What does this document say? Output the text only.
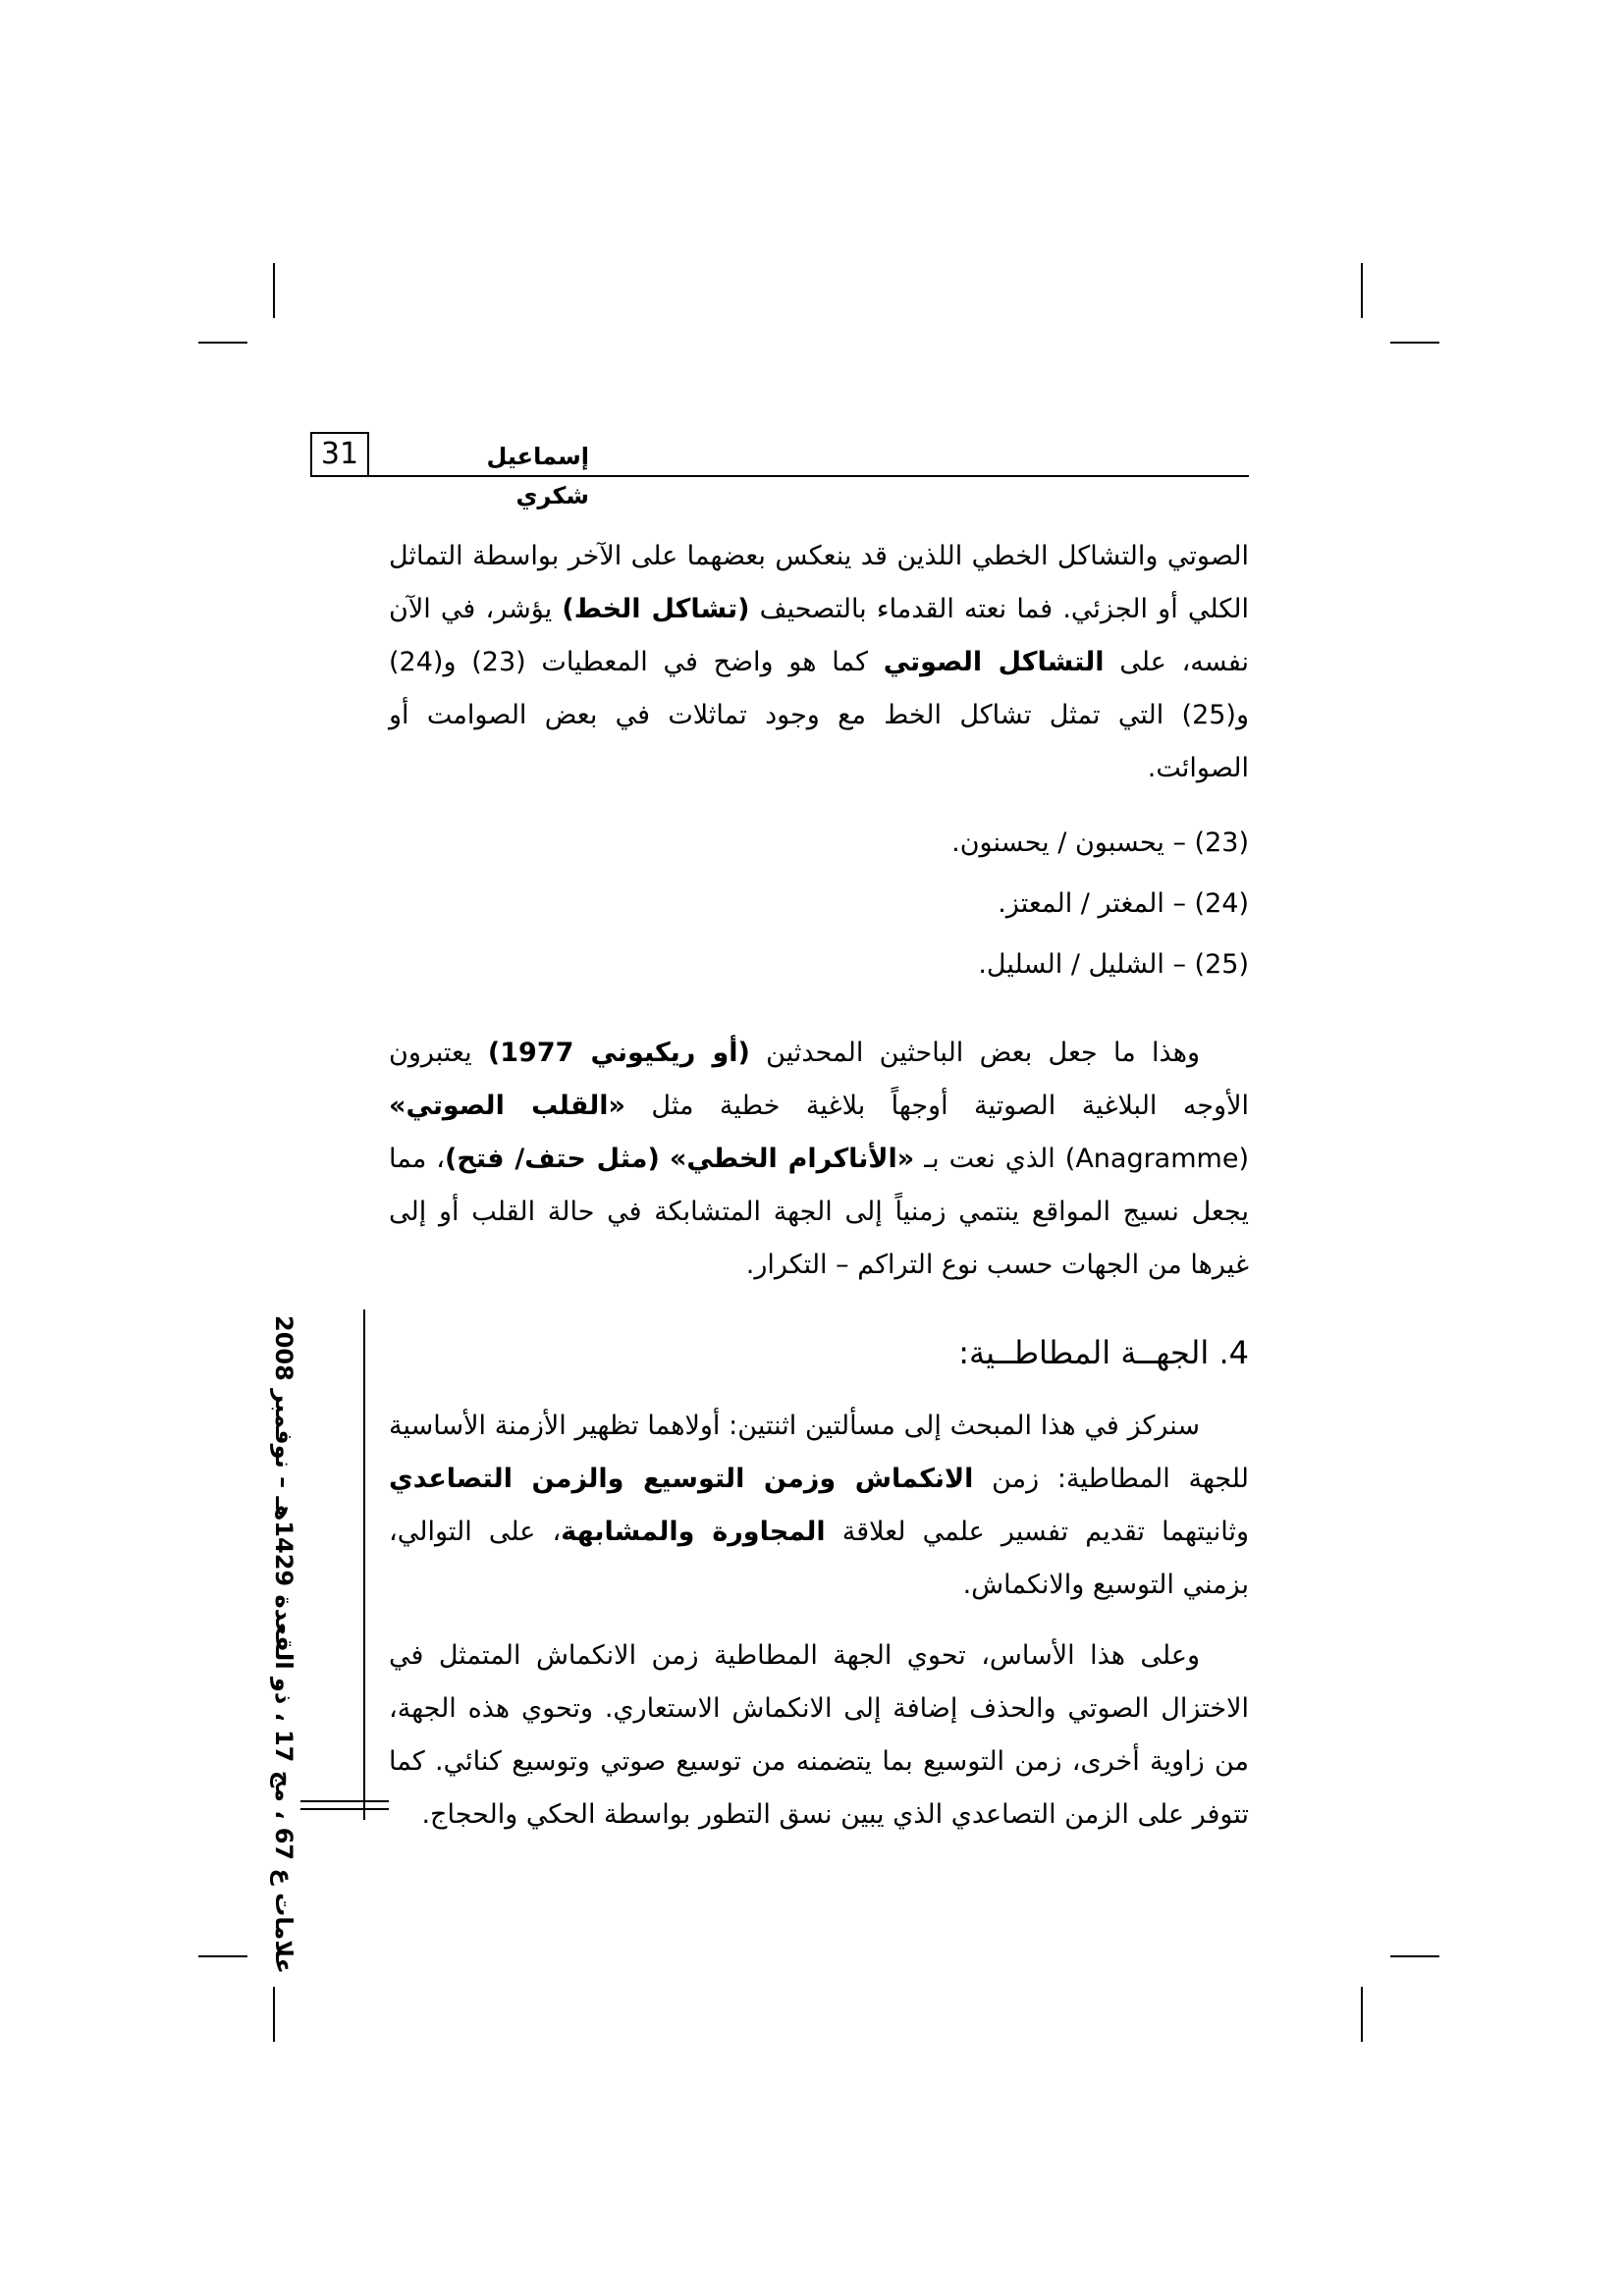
31	إسماعيل شكري

الصوتي والتشاكل الخطي اللذين قد ينعكس بعضهما على الآخر بواسطة التماثل الكلي أو الجزئي. فما نعته القدماء بالتصحيف (تشاكل الخط) يؤشر، في الآن نفسه، على التشاكل الصوتي كما هو واضح في المعطيات (23) و(24) و(25) التي تمثل تشاكل الخط مع وجود تماثلات في بعض الصوامت أو الصوائت.

(23) – يحسبون / يحسنون.

(24) – المغتر / المعتز.

(25) – الشليل / السليل.

وهذا ما جعل بعض الباحثين المحدثين (أو ريكيوني 1977) يعتبرون الأوجه البلاغية الصوتية أوجهاً بلاغية خطية مثل «القلب الصوتي» (Anagramme) الذي نعت بـ «الأناكرام الخطي» (مثل حتف/ فتح)، مما يجعل نسيج المواقع ينتمي زمنياً إلى الجهة المتشابكة في حالة القلب أو إلى غيرها من الجهات حسب نوع التراكم – التكرار.

4. الجهــة المطاطــية:

سنركز في هذا المبحث إلى مسألتين اثنتين: أولاهما تظهير الأزمنة الأساسية للجهة المطاطية: زمن الانكماش وزمن التوسيع والزمن التصاعدي وثانيتهما تقديم تفسير علمي لعلاقة المجاورة والمشابهة، على التوالي، بزمني التوسيع والانكماش.

وعلى هذا الأساس، تحوي الجهة المطاطية زمن الانكماش المتمثل في الاختزال الصوتي والحذف إضافة إلى الانكماش الاستعاري. وتحوي هذه الجهة، من زاوية أخرى، زمن التوسيع بما يتضمنه من توسيع صوتي وتوسيع كنائي. كما تتوفر على الزمن التصاعدي الذي يبين نسق التطور بواسطة الحكي والحجاج.

علامات ع 67 ، مج 17 ، ذو القعدة 1429هـ – نوفمبر 2008
